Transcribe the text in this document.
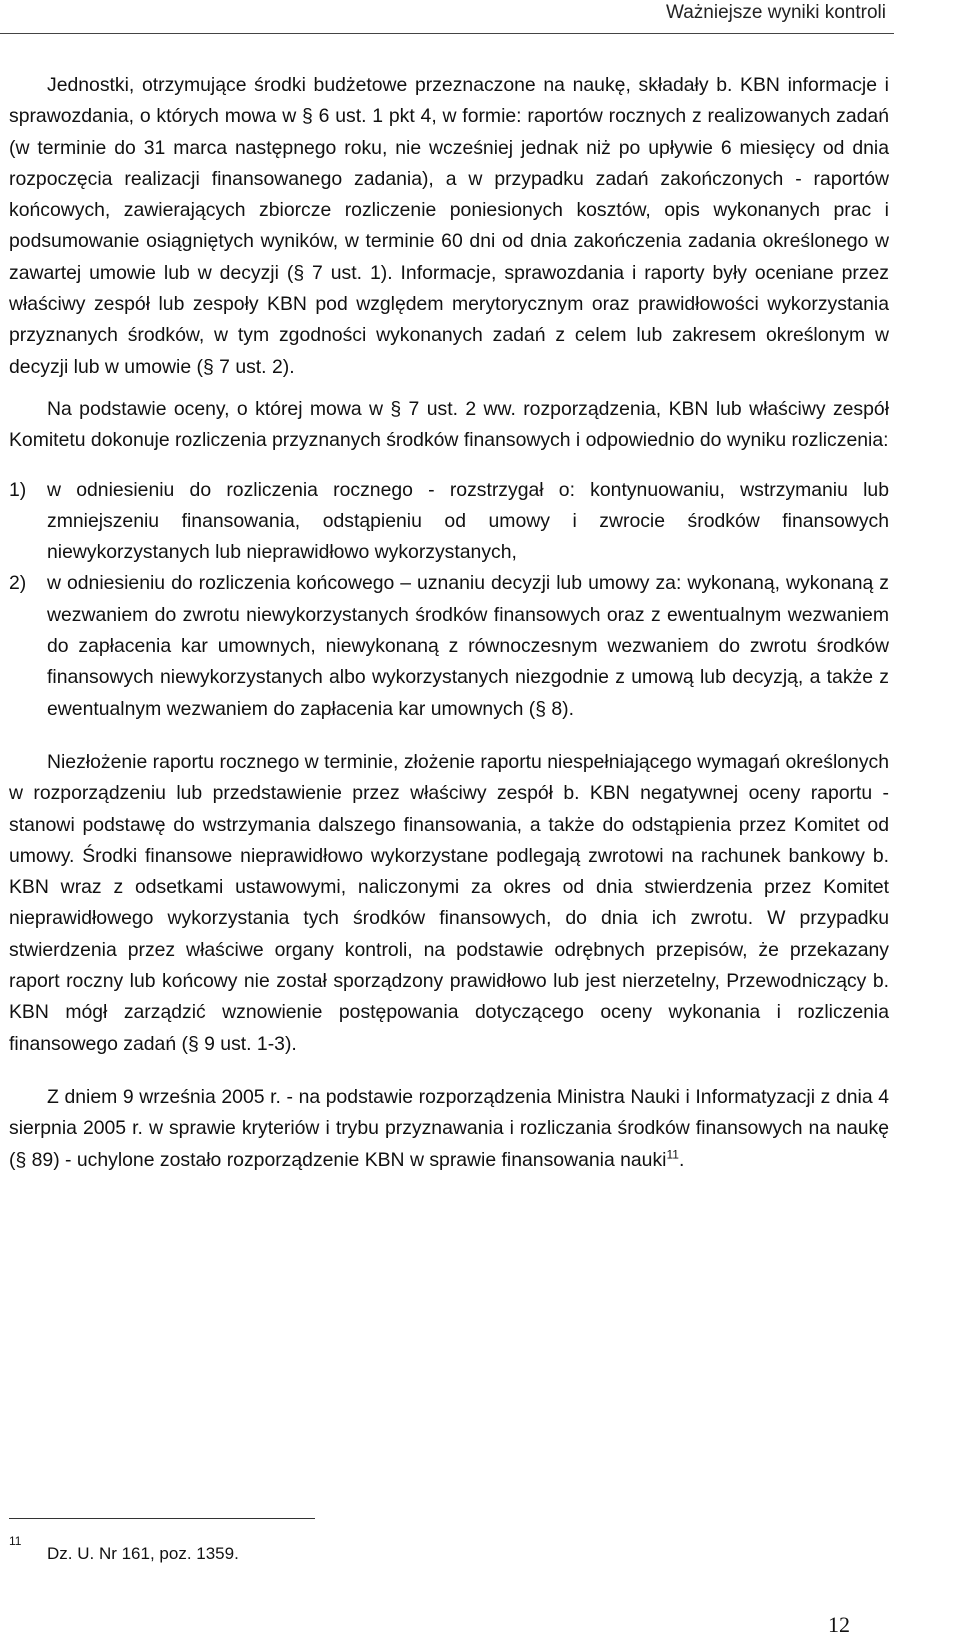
Ważniejsze wyniki kontroli

Jednostki, otrzymujące środki budżetowe przeznaczone na naukę, składały b. KBN informacje i sprawozdania, o których mowa w § 6 ust. 1 pkt 4, w formie: raportów rocznych z realizowanych zadań (w terminie do 31 marca następnego roku, nie wcześniej jednak niż po upływie 6 miesięcy od dnia rozpoczęcia realizacji finansowanego zadania), a w przypadku zadań zakończonych - raportów końcowych, zawierających zbiorcze rozliczenie poniesionych kosztów, opis wykonanych prac i podsumowanie osiągniętych wyników, w terminie 60 dni od dnia zakończenia zadania określonego w zawartej umowie lub w decyzji (§ 7 ust. 1). Informacje, sprawozdania i raporty były oceniane przez właściwy zespół lub zespoły KBN pod względem merytorycznym oraz prawidłowości wykorzystania przyznanych środków, w tym zgodności wykonanych zadań z celem lub zakresem określonym w decyzji lub w umowie (§ 7 ust. 2).

Na podstawie oceny, o której mowa w § 7 ust. 2 ww. rozporządzenia, KBN lub właściwy zespół Komitetu dokonuje rozliczenia przyznanych środków finansowych i odpowiednio do wyniku rozliczenia:

1) w odniesieniu do rozliczenia rocznego - rozstrzygał o: kontynuowaniu, wstrzymaniu lub zmniejszeniu finansowania, odstąpieniu od umowy i zwrocie środków finansowych niewykorzystanych lub nieprawidłowo wykorzystanych,
2) w odniesieniu do rozliczenia końcowego – uznaniu decyzji lub umowy za: wykonaną, wykonaną z wezwaniem do zwrotu niewykorzystanych środków finansowych oraz z ewentualnym wezwaniem do zapłacenia kar umownych, niewykonaną z równoczesnym wezwaniem do zwrotu środków finansowych niewykorzystanych albo wykorzystanych niezgodnie z umową lub decyzją, a także z ewentualnym wezwaniem do zapłacenia kar umownych (§ 8).

Niezłożenie raportu rocznego w terminie, złożenie raportu niespełniającego wymagań określonych w rozporządzeniu lub przedstawienie przez właściwy zespół b. KBN negatywnej oceny raportu - stanowi podstawę do wstrzymania dalszego finansowania, a także do odstąpienia przez Komitet od umowy. Środki finansowe nieprawidłowo wykorzystane podlegają zwrotowi na rachunek bankowy b. KBN wraz z odsetkami ustawowymi, naliczonymi za okres od dnia stwierdzenia przez Komitet nieprawidłowego wykorzystania tych środków finansowych, do dnia ich zwrotu. W przypadku stwierdzenia przez właściwe organy kontroli, na podstawie odrębnych przepisów, że przekazany raport roczny lub końcowy nie został sporządzony prawidłowo lub jest nierzetelny, Przewodniczący b. KBN mógł zarządzić wznowienie postępowania dotyczącego oceny wykonania i rozliczenia finansowego zadań (§ 9 ust. 1-3).

Z dniem 9 września 2005 r. - na podstawie rozporządzenia Ministra Nauki i Informatyzacji z dnia 4 sierpnia 2005 r. w sprawie kryteriów i trybu przyznawania i rozliczania środków finansowych na naukę (§ 89) - uchylone zostało rozporządzenie KBN w sprawie finansowania nauki$^{11}$.

11
Dz. U. Nr 161, poz. 1359.
12
